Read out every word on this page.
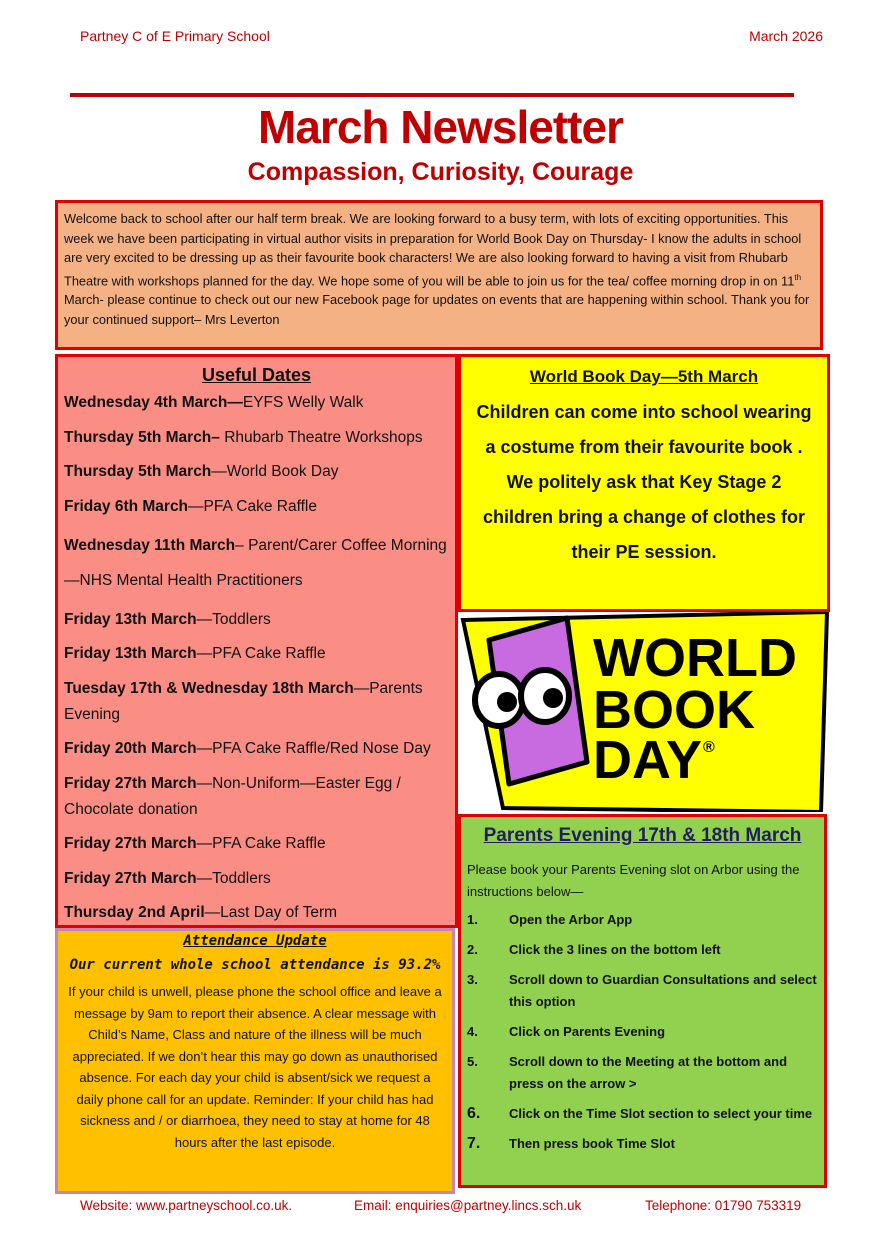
Partney C of E Primary School	March 2026
March Newsletter
Compassion, Curiosity, Courage
Welcome back to school after our half term break. We are looking forward to a busy term, with lots of exciting opportunities. This week we have been participating in virtual author visits in preparation for World Book Day on Thursday- I know the adults in school are very excited to be dressing up as their favourite book characters! We are also looking forward to having a visit from Rhubarb Theatre with workshops planned for the day. We hope some of you will be able to join us for the tea/ coffee morning drop in on 11th March- please continue to check out our new Facebook page for updates on events that are happening within school. Thank you for your continued support– Mrs Leverton
Useful Dates
Wednesday 4th March—EYFS Welly Walk
Thursday 5th March– Rhubarb Theatre Workshops
Thursday 5th March—World Book Day
Friday 6th March—PFA Cake Raffle
Wednesday 11th March– Parent/Carer Coffee Morning—NHS Mental Health Practitioners
Friday 13th March—Toddlers
Friday 13th March—PFA Cake Raffle
Tuesday 17th & Wednesday 18th March—Parents Evening
Friday 20th March—PFA Cake Raffle/Red Nose Day
Friday 27th March—Non-Uniform—Easter Egg / Chocolate donation
Friday 27th March—PFA Cake Raffle
Friday 27th March—Toddlers
Thursday 2nd April—Last Day of Term
World Book Day—5th March

Children can come into school wearing a costume from their favourite book . We politely ask that Key Stage 2 children bring a change of clothes for their PE session.

WORLD
BOOK
DAY ®
Parents Evening 17th & 18th March

Please book your Parents Evening slot on Arbor using the instructions below—

1.	Open the Arbor App
2.	Click the 3 lines on the bottom left
3.	Scroll down to Guardian Consultations and select this option
4.	Click on Parents Evening
5.	Scroll down to the Meeting at the bottom and press on the arrow >
6.	Click on the Time Slot section to select your time
7.	Then press book Time Slot
Attendance Update
Our current whole school attendance is 93.2%

If your child is unwell, please phone the school office and leave a message by 9am to report their absence. A clear message with Child’s Name, Class and nature of the illness will be much appreciated. If we don’t hear this may go down as unauthorised absence. For each day your child is absent/sick we request a daily phone call for an update. Reminder: If your child has had sickness and / or diarrhoea, they need to stay at home for 48 hours after the last episode.

Website: www.partneyschool.co.uk.	Email: enquiries@partney.lincs.sch.uk	Telephone: 01790 753319
